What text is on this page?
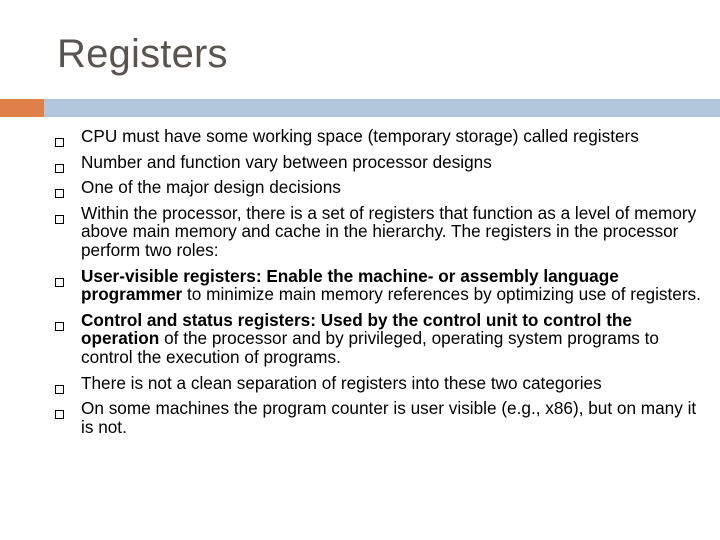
Registers
CPU must have some working space (temporary storage) called registers
Number and function vary between processor designs
One of the major design decisions
Within the processor, there is a set of registers that function as a level of memory above main memory and cache in the hierarchy. The registers in the processor perform two roles:
User-visible registers: Enable the machine- or assembly language programmer to minimize main memory references by optimizing use of registers.
Control and status registers: Used by the control unit to control the operation of the processor and by privileged, operating system programs to control the execution of programs.
There is not a clean separation of registers into these two categories
On some machines the program counter is user visible (e.g., x86), but on many it is not.
